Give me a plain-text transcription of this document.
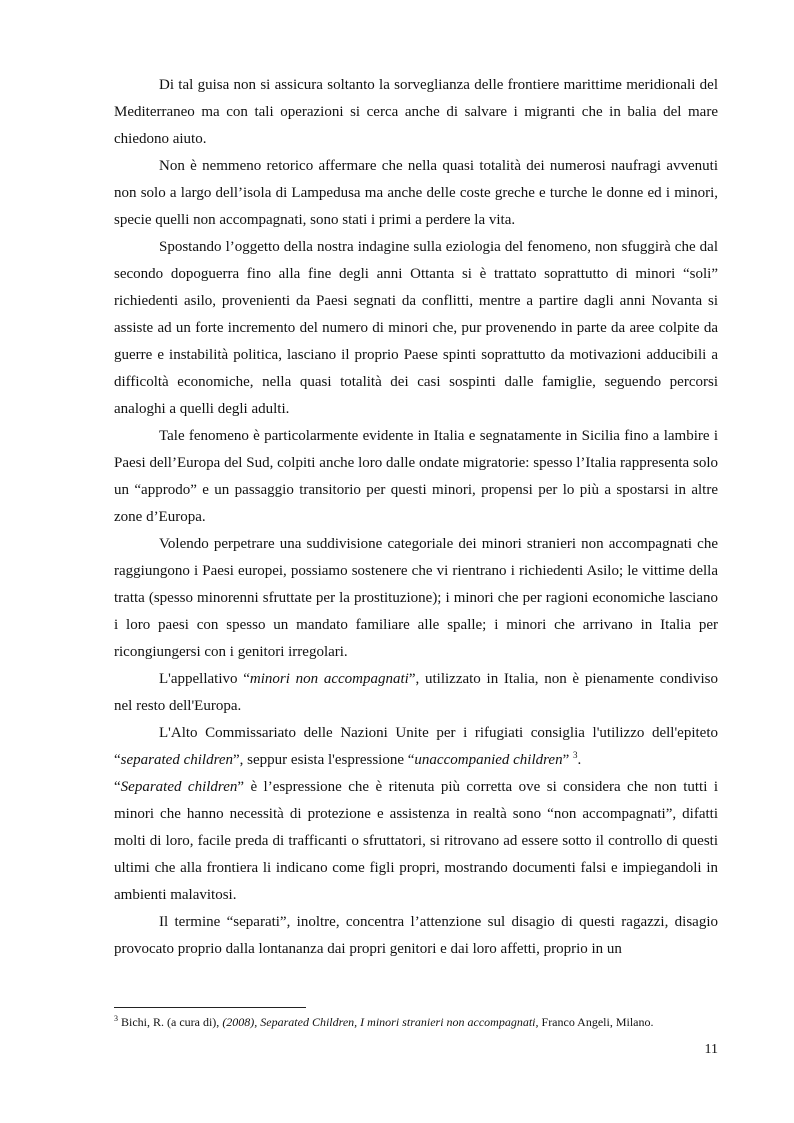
Di tal guisa non si assicura soltanto la sorveglianza delle frontiere marittime meridionali del Mediterraneo ma con tali operazioni si cerca anche di salvare i migranti che in balia del mare chiedono aiuto.

Non è nemmeno retorico affermare che nella quasi totalità dei numerosi naufragi avvenuti non solo a largo dell’isola di Lampedusa ma anche delle coste greche e turche le donne ed i minori, specie quelli non accompagnati, sono stati i primi a perdere la vita.

Spostando l’oggetto della nostra indagine sulla eziologia del fenomeno, non sfuggirà che dal secondo dopoguerra fino alla fine degli anni Ottanta si è trattato soprattutto di minori “soli” richiedenti asilo, provenienti da Paesi segnati da conflitti, mentre a partire dagli anni Novanta si assiste ad un forte incremento del numero di minori che, pur provenendo in parte da aree colpite da guerre e instabilità politica, lasciano il proprio Paese spinti soprattutto da motivazioni adducibili a difficoltà economiche, nella quasi totalità dei casi sospinti dalle famiglie, seguendo percorsi analoghi a quelli degli adulti.

Tale fenomeno è particolarmente evidente in Italia e segnatamente in Sicilia fino a lambire i Paesi dell’Europa del Sud, colpiti anche loro dalle ondate migratorie: spesso l’Italia rappresenta solo un “approdo” e un passaggio transitorio per questi minori, propensi per lo più a spostarsi in altre zone d’Europa.

Volendo perpetrare una suddivisione categoriale dei minori stranieri non accompagnati che raggiungono i Paesi europei, possiamo sostenere che vi rientrano i richiedenti Asilo; le vittime della tratta (spesso minorenni sfruttate per la prostituzione); i minori che per ragioni economiche lasciano i loro paesi con spesso un mandato familiare alle spalle; i minori che arrivano in Italia per ricongiungersi con i genitori irregolari.

L'appellativo “minori non accompagnati”, utilizzato in Italia, non è pienamente condiviso nel resto dell'Europa.

L'Alto Commissariato delle Nazioni Unite per i rifugiati consiglia l'utilizzo dell'epiteto “separated children”, seppur esista l'espressione “unaccompanied children” $^3$.

“Separated children” è l’espressione che è ritenuta più corretta ove si considera che non tutti i minori che hanno necessità di protezione e assistenza in realtà sono “non accompagnati”, difatti molti di loro, facile preda di trafficanti o sfruttatori, si ritrovano ad essere sotto il controllo di questi ultimi che alla frontiera li indicano come figli propri, mostrando documenti falsi e impiegandoli in ambienti malavitosi.

Il termine “separati”, inoltre, concentra l’attenzione sul disagio di questi ragazzi, disagio provocato proprio dalla lontananza dai propri genitori e dai loro affetti, proprio in un

$^3$ Bichi, R. (a cura di), (2008), Separated Children, I minori stranieri non accompagnati, Franco Angeli, Milano.

11
